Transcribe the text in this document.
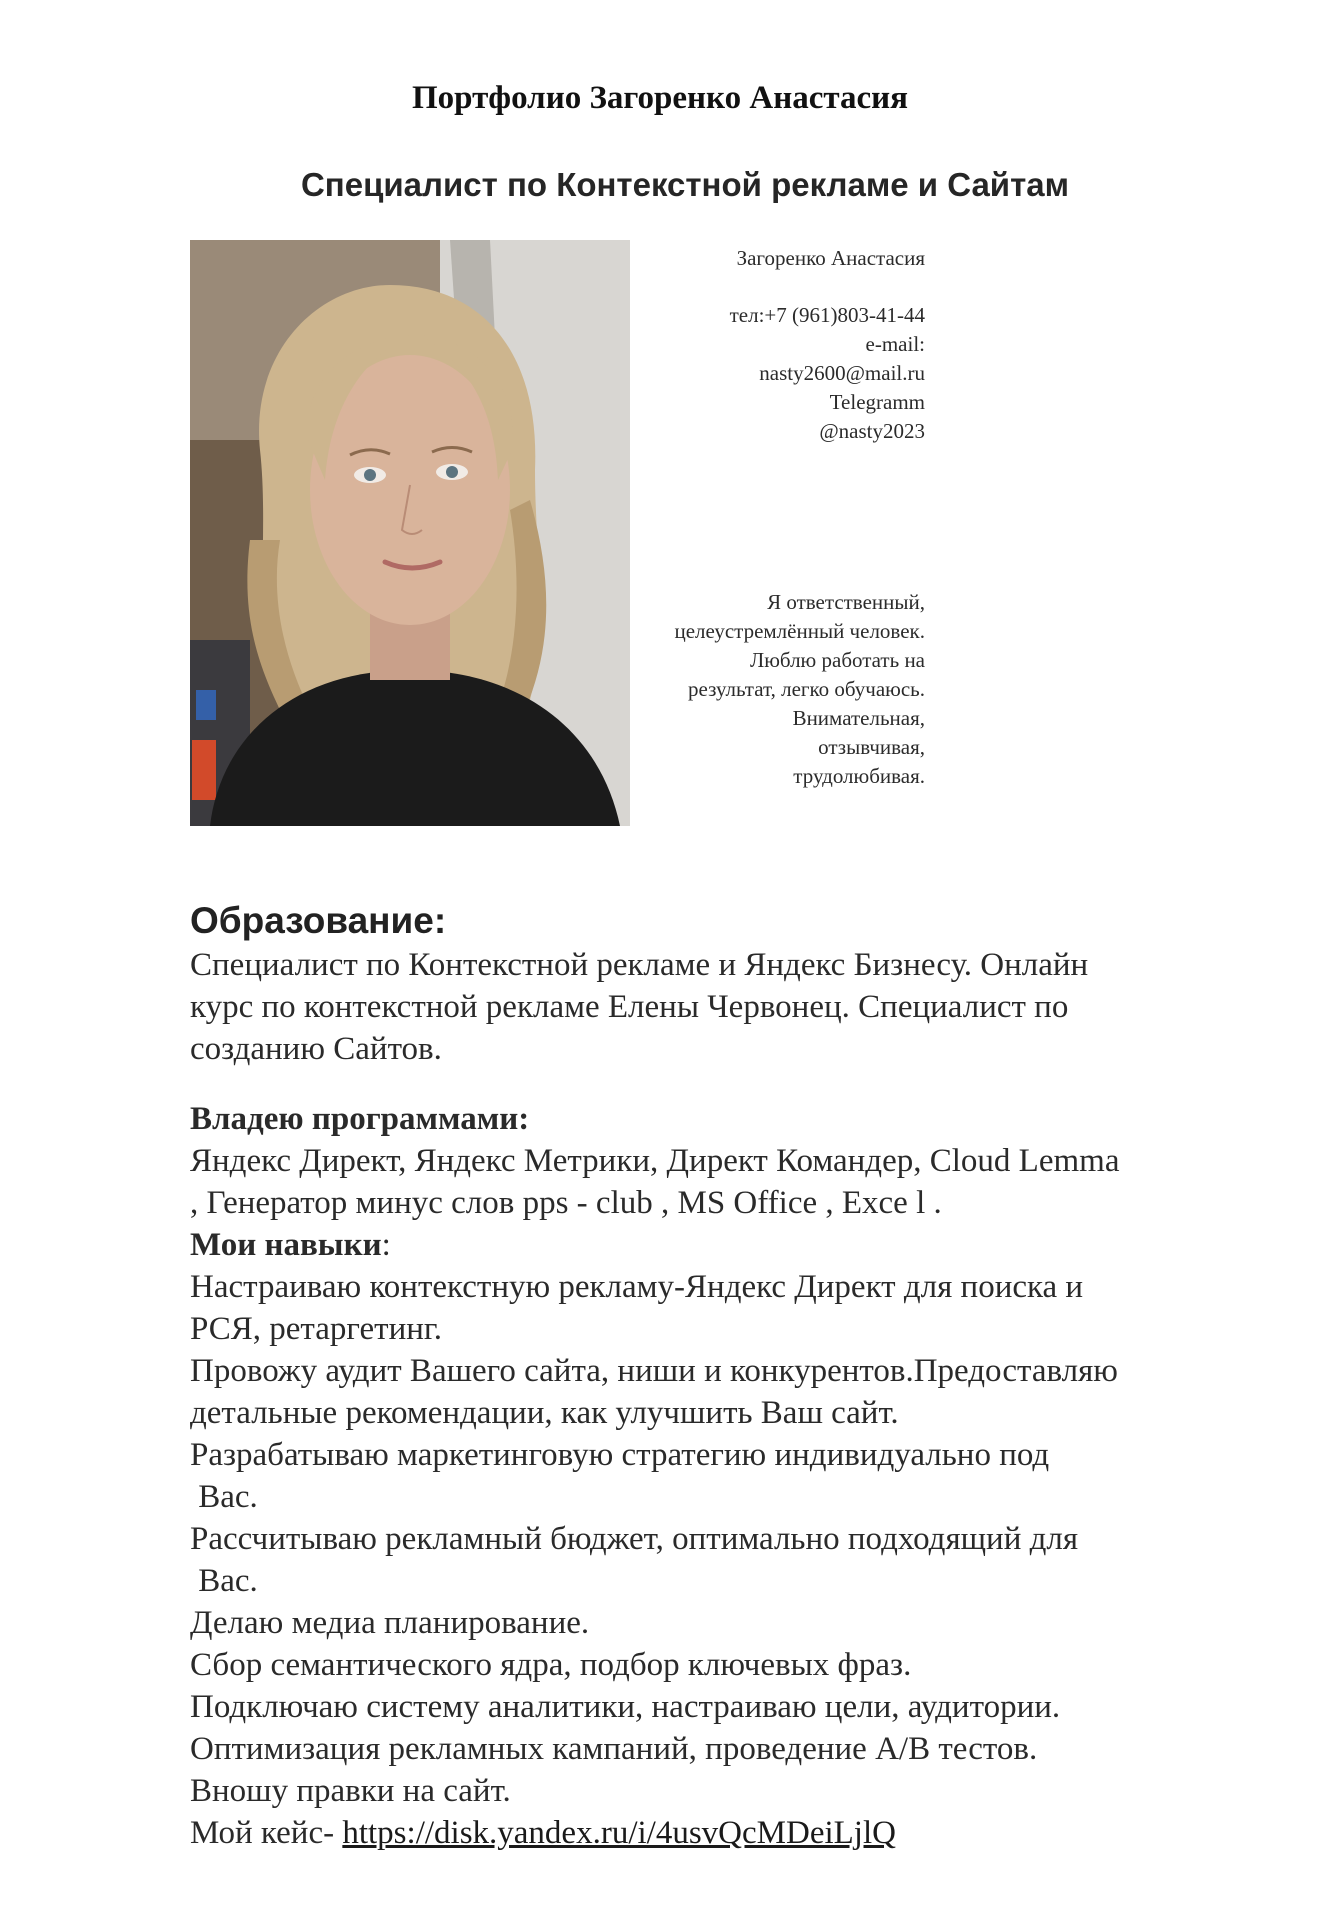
Портфолио Загоренко Анастасия
Специалист по Контекстной рекламе и Сайтам
Загоренко Анастасия
тел:+7 (961)803-41-44
e-mail:
nasty2600@mail.ru
Telegramm
@nasty2023
Я ответственный,
целеустремлённый человек.
Люблю работать на
результат, легко обучаюсь.
Внимательная,
отзывчивая,
трудолюбивая.
Образование:
Специалист по Контекстной рекламе и Яндекс Бизнесу. Онлайн
курс по контекстной рекламе Елены Червонец. Специалист по
созданию Сайтов.
Владею программами:
Яндекс Директ, Яндекс Метрики, Директ Командер, Cloud Lemma
, Генератор минус слов pps - club , MS Office , Exce l .
Мои навыки:
Настраиваю контекстную рекламу-Яндекс Директ для поиска и
РСЯ, ретаргетинг.
Провожу аудит Вашего сайта, ниши и конкурентов.Предоставляю
детальные рекомендации, как улучшить Ваш сайт.
Разрабатываю маркетинговую стратегию индивидуально под
Вас.
Рассчитываю рекламный бюджет, оптимально подходящий для
Вас.
Делаю медиа планирование.
Сбор семантического ядра, подбор ключевых фраз.
Подключаю систему аналитики, настраиваю цели, аудитории.
Оптимизация рекламных кампаний, проведение А/В тестов.
Вношу правки на сайт.
Мой кейс- https://disk.yandex.ru/i/4usvQcMDeiLjlQ
